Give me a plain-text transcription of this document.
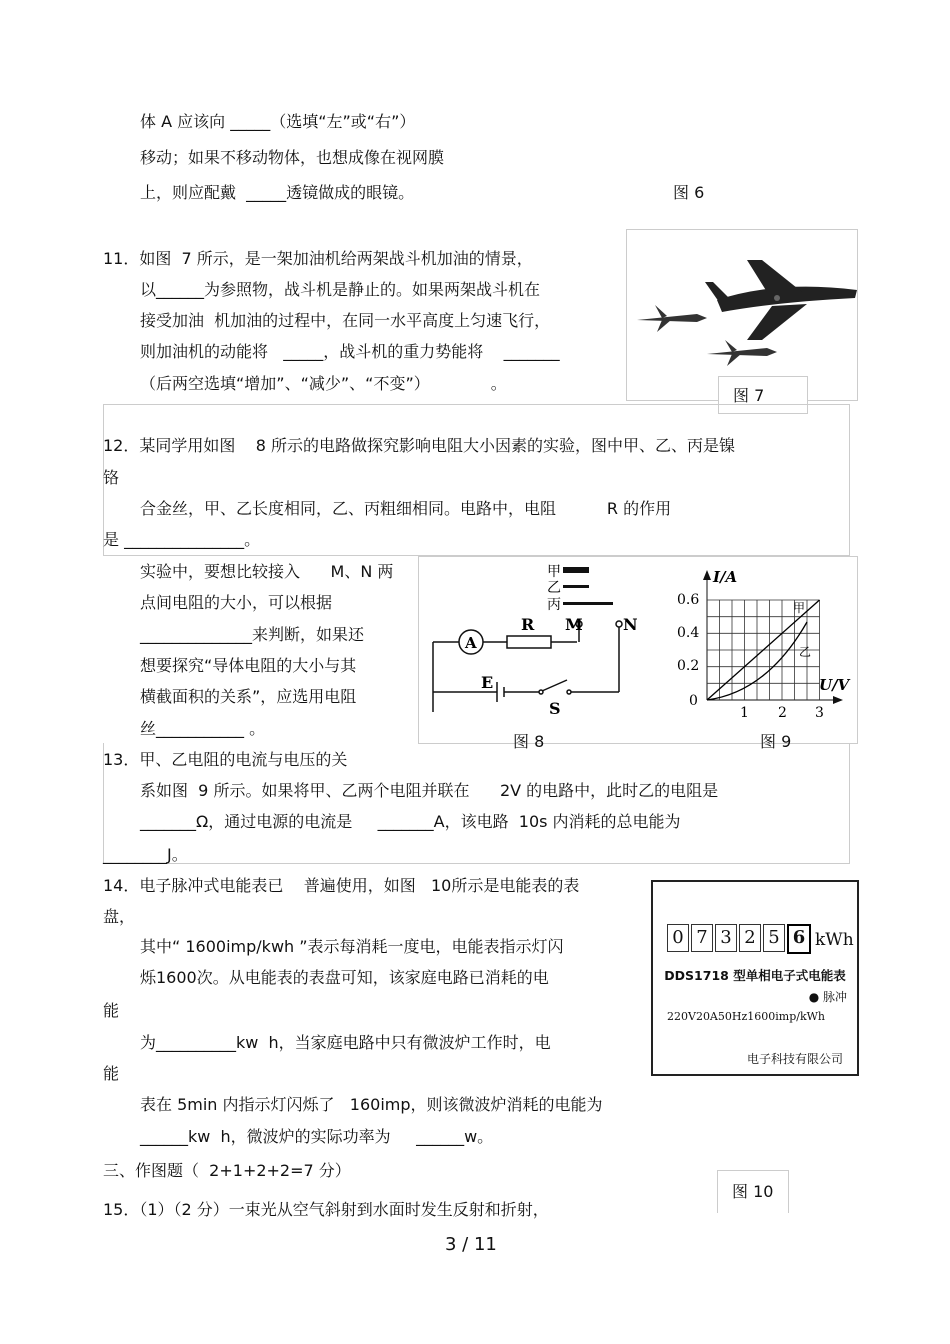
体 A 应该向 _____（选填“左”或“右”）
移动；如果不移动物体，也想成像在视网膜
上，则应配戴  _____透镜做成的眼镜。	图 6
11．如图  7 所示，是一架加油机给两架战斗机加油的情景，
以______为参照物，战斗机是静止的。如果两架战斗机在
接受加油  机加油的过程中，在同一水平高度上匀速飞行，
则加油机的动能将   _____，战斗机的重力势能将    _______
（后两空选填“增加”、“减少”、“不变”）            。
图 7
12．某同学用如图    8 所示的电路做探究影响电阻大小因素的实验，图中甲、乙、丙是镍
铬
合金丝，甲、乙长度相同，乙、丙粗细相同。电路中，电阻          R 的作用
是 _______________。
实验中，要想比较接入      M、N 两
点间电阻的大小，可以根据
______________来判断，如果还
想要探究“导体电阻的大小与其
横截面积的关系”，应选用电阻
丝___________ 。
甲
乙
丙
A
R M	N
E
S
I/A
U/V
0.6
0.4
0.2
0
1 2 3
甲
乙
图 8	图 9
13．甲、乙电阻的电流与电压的关
系如图  9 所示。如果将甲、乙两个电阻并联在      2V 的电路中，此时乙的电阻是
_______Ω，通过电源的电流是     _______A，该电路  10s 内消耗的总电能为
________J。
14．电子脉冲式电能表已    普遍使用，如图   10所示是电能表的表
盘，
其中“ 1600imp/kwh ”表示每消耗一度电，电能表指示灯闪
烁1600次。从电能表的表盘可知，该家庭电路已消耗的电
能
为__________kw  h，当家庭电路中只有微波炉工作时，电
能
表在 5min 内指示灯闪烁了   160imp，则该微波炉消耗的电能为
______kw  h，微波炉的实际功率为     ______w。
0 7 3 2 5 6 kWh
DDS1718 型单相电子式电能表
● 脉冲
220V20A50Hz1600imp/kWh
电子科技有限公司
图 10
三、作图题（  2+1+2+2=7 分）
15．（1）（2 分）一束光从空气斜射到水面时发生反射和折射，
3 / 11
